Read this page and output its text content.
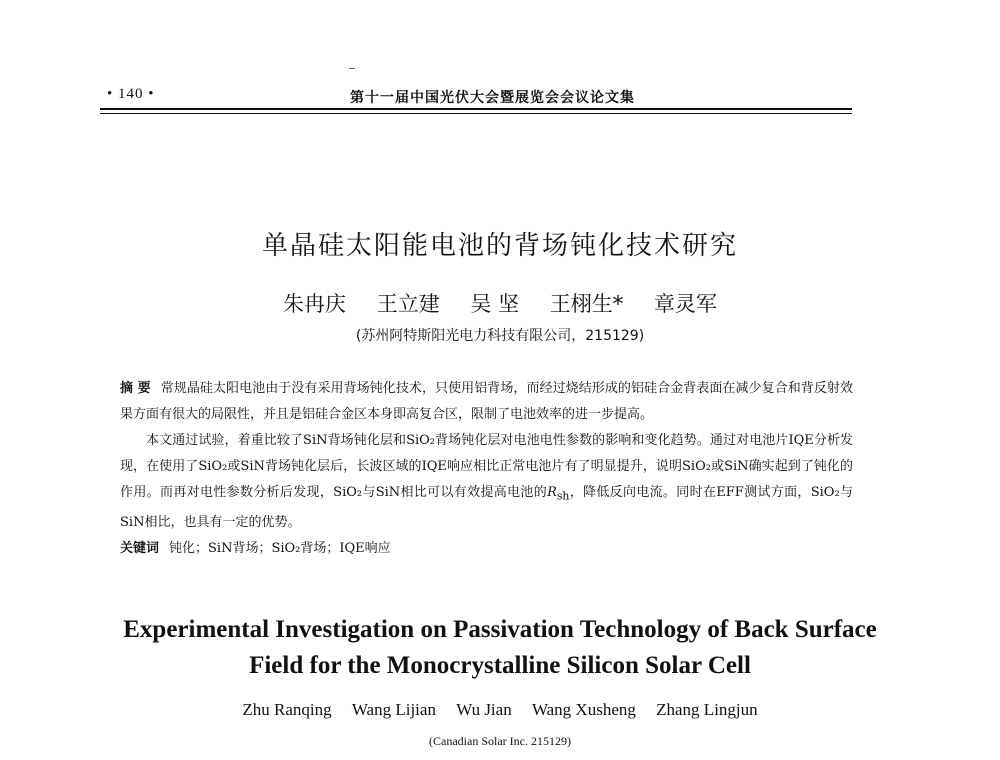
• 140 •	第十一届中国光伏大会暨展览会会议论文集
单晶硅太阳能电池的背场钝化技术研究
朱冉庆 王立建 吴 坚 王栩生* 章灵军
(苏州阿特斯阳光电力科技有限公司，215129)

摘 要 常规晶硅太阳电池由于没有采用背场钝化技术，只使用铝背场，而经过烧结形成的铝硅合金背表面在减少复合和背反射效果方面有很大的局限性，并且是铝硅合金区本身即高复合区，限制了电池效率的进一步提高。

本文通过试验，着重比较了SiN背场钝化层和SiO₂背场钝化层对电池电性参数的影响和变化趋势。通过对电池片IQE分析发现，在使用了SiO₂或SiN背场钝化层后，长波区域的IQE响应相比正常电池片有了明显提升，说明SiO₂或SiN确实起到了钝化的作用。而再对电性参数分析后发现，SiO₂与SiN相比可以有效提高电池的$R_{sh}$，降低反向电流。同时在EFF测试方面，SiO₂与SiN相比，也具有一定的优势。

关键词 钝化；SiN背场；SiO₂背场；IQE响应

Experimental Investigation on Passivation Technology of Back Surface
Field for the Monocrystalline Silicon Solar Cell
Zhu Ranqing Wang Lijian Wu Jian Wang Xusheng Zhang Lingjun
(Canadian Solar Inc. 215129)
